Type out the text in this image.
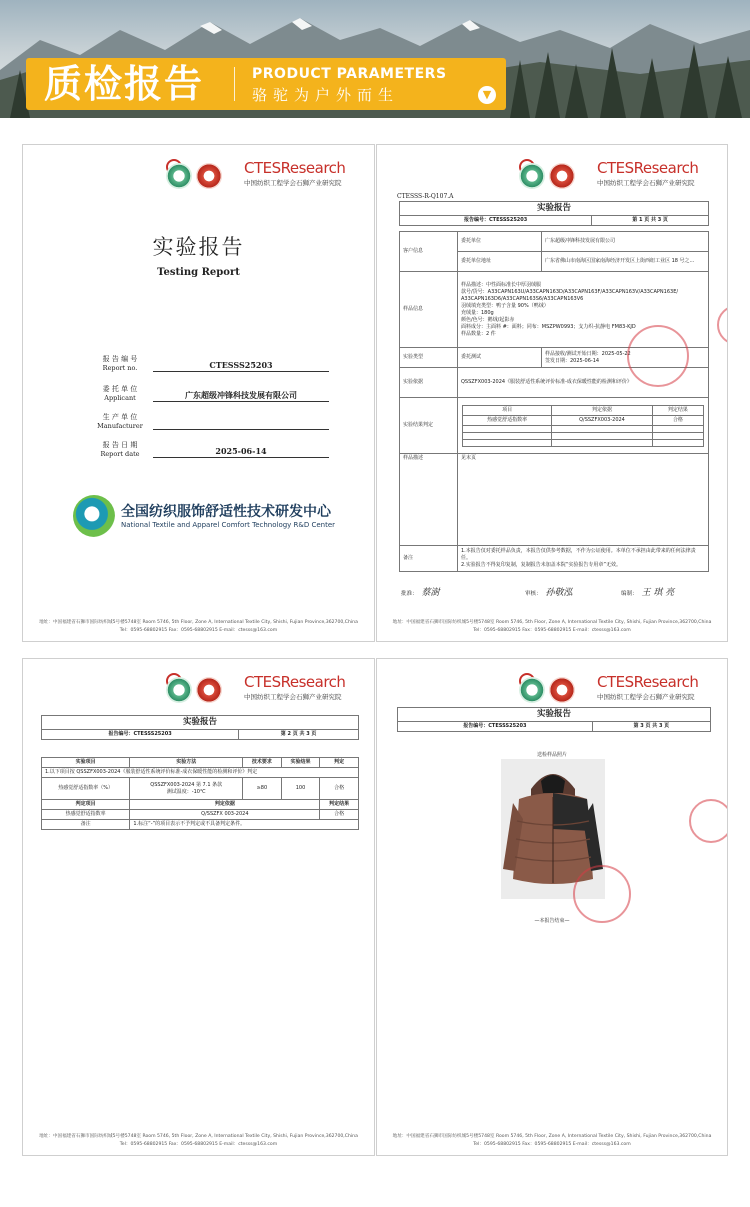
质检报告	PRODUCT PARAMETERS
骆驼为户外而生	▼
CTESResearch
中国纺织工程学会石狮产业研究院
实验报告
Testing Report
报 告 编 号
Report no.	CTESSS25203
委 托 单 位
Applicant	广东超级冲锋科技发展有限公司
生 产 单 位
Manufacturer
报 告 日 期
Report date	2025-06-14
全国纺织服饰舒适性技术研发中心
National Textile and Apparel Comfort Technology R&D Center
地址：中国福建省石狮市国际纺织城5号楼5748室 Room 5746, 5th Floor, Zone A, International Textile City, Shishi, Fujian Province,362700,China
Tel：0595-68802915 Fax：0595-68802915 E-mail：ctesss@163.com
CTESResearch
中国纺织工程学会石狮产业研究院
CTESSS-R-Q107.A
实验报告
报告编号：CTESSS25203	第 1 页 共 3 页
客户信息	委托单位	广东超级冲锋科技发展有限公司
委托单位地址	广东省佛山市南海区国家南海经济开发区上街西纽工业区 18 号之...
样品信息	
样品描述：中性面标准长中厚羽绒服
款号/货号：A33CAPN163U/A33CAPN163D/A33CAPN163F/A33CAPN163V/A33CAPN163E/
A33CAPN163D6/A33CAPN163S6/A33CAPN163V6
羽绒填充类型：鸭子含量 90%（鸭绒）
充绒量：180g
颜色/色号：鹅绒/起影赤
面料成分：主面料 #：面料；同布：MSZPW0993；支力织-抗静电 FM83-KJD
样品数量：2 件

实验类型	委托测试	
样品接收/测试开始日期：2025-05-22
签发日期：2025-06-14

实验依据	QSSZFX003-2024《服装舒适性系统评价标准-成衣保暖性能的检测和评价》
实验结果判定	
项目	判定依据	判定结果
热感觉舒适指数率	Q/SSZFX003-2024	合格

样品描述	见末页
备注	
1.本报告仅对委托样品负责，本报告仅供参考数据，不作为公证使用。本单位不承担由此带来的任何法律责任。
2.实验报告不得复印复制，复制报告未加盖本院“实验报告专用章”无效。
批准： 蔡澍	审核： 孙敬泓	编制： 王 琪 亮
地址：中国福建省石狮市国际纺织城5号楼5748室 Room 5746, 5th Floor, Zone A, International Textile City, Shishi, Fujian Province,362700,China
Tel：0595-68802915 Fax：0595-68802915 E-mail：ctesss@163.com
CTESResearch
中国纺织工程学会石狮产业研究院
实验报告
报告编号：CTESSS25203	第 2 页 共 3 页
实验项目	实验方法	技术要求	实验结果	判定
1.以下项目按 QSSZFX003-2024《服装舒适性系统评价标准-成衣保暖性能的检测和评价》判定				
热感觉舒适指数率（%）	QSSZFX003-2024 第 7.1 条款
测试温度：-10℃	≥80	100	合格
判定项目	判定依据			判定结果
热感觉舒适指数率	Q/SSZFX 003-2024			合格
备注	1.标注“-”的项目表示不予判定或不具备判定条件。			
地址：中国福建省石狮市国际纺织城5号楼5748室 Room 5746, 5th Floor, Zone A, International Textile City, Shishi, Fujian Province,362700,China
Tel：0595-68802915 Fax：0595-68802915 E-mail：ctesss@163.com
CTESResearch
中国纺织工程学会石狮产业研究院
实验报告
报告编号：CTESSS25203	第 3 页 共 3 页
送检样品照片
—本报告结束—
地址：中国福建省石狮市国际纺织城5号楼5748室 Room 5746, 5th Floor, Zone A, International Textile City, Shishi, Fujian Province,362700,China
Tel：0595-68802915 Fax：0595-68802915 E-mail：ctesss@163.com
